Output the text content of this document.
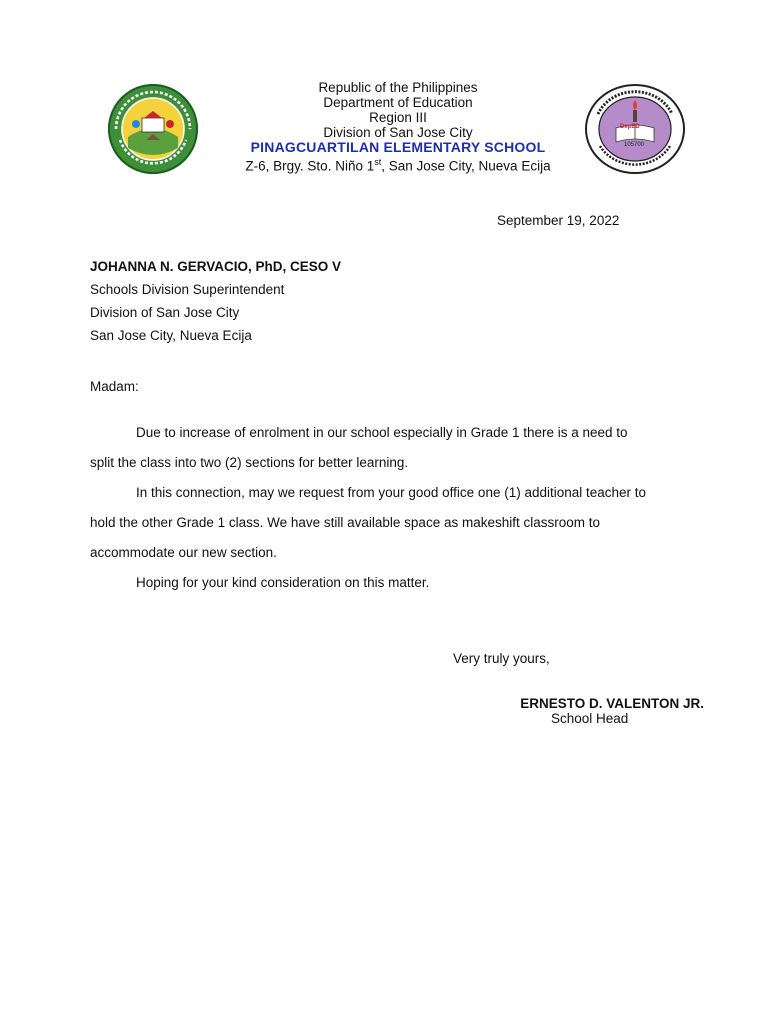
Republic of the Philippines
Department of Education
Region III
Division of San Jose City
PINAGCUARTILAN ELEMENTARY SCHOOL
Z-6, Brgy. Sto. Niño 1st, San Jose City, Nueva Ecija
DepED
105700
September 19, 2022
JOHANNA N. GERVACIO, PhD, CESO V
Schools Division Superintendent
Division of San Jose City
San Jose City, Nueva Ecija
Madam:
Due to increase of enrolment in our school especially in Grade 1 there is a need to
split the class into two (2) sections for better learning.
In this connection, may we request from your good office one (1) additional teacher to
hold the other Grade 1 class. We have still available space as makeshift classroom to
accommodate our new section.
Hoping for your kind consideration on this matter.
Very truly yours,
ERNESTO D. VALENTON JR.
School Head
